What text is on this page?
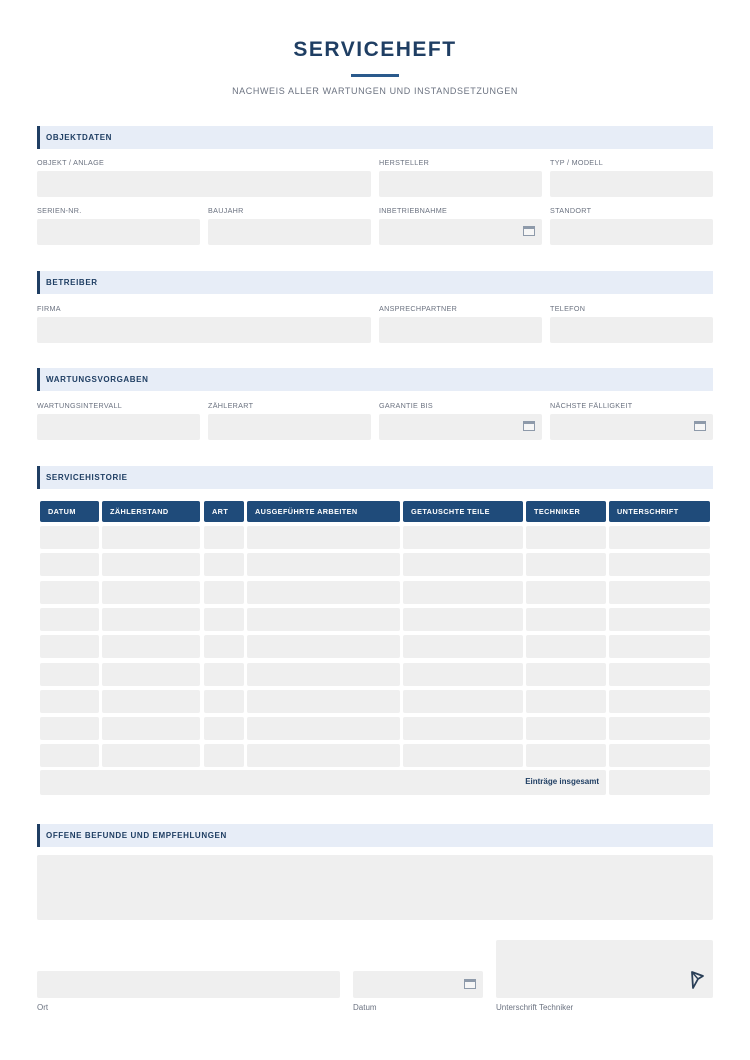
SERVICEHEFT
NACHWEIS ALLER WARTUNGEN UND INSTANDSETZUNGEN
OBJEKTDATEN
OBJEKT / ANLAGE	HERSTELLER	TYP / MODELL
SERIEN-NR.	BAUJAHR	INBETRIEBNAHME	STANDORT
BETREIBER
FIRMA	ANSPRECHPARTNER	TELEFON
WARTUNGSVORGABEN
WARTUNGSINTERVALL	ZÄHLERART	GARANTIE BIS	NÄCHSTE FÄLLIGKEIT
SERVICEHISTORIE
DATUM	ZÄHLERSTAND	ART	AUSGEFÜHRTE ARBEITEN	GETAUSCHTE TEILE	TECHNIKER	UNTERSCHRIFT
Einträge insgesamt
OFFENE BEFUNDE UND EMPFEHLUNGEN
Ort	Datum	Unterschrift Techniker
